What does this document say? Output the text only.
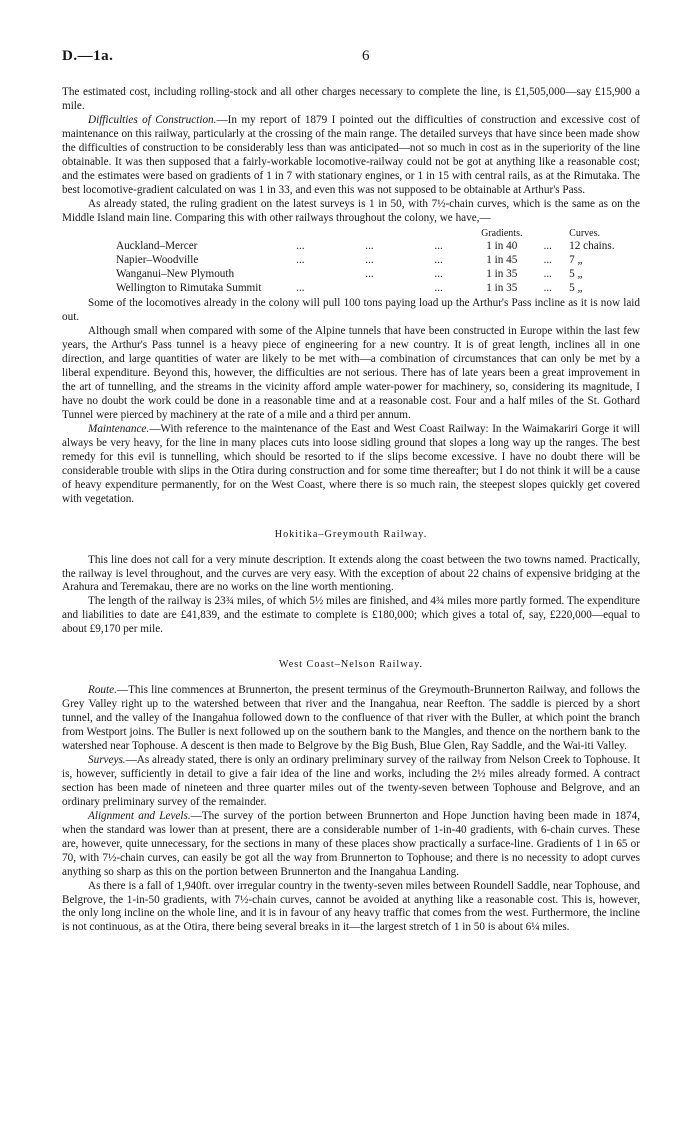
D.—1a.	6

The estimated cost, including rolling-stock and all other charges necessary to complete the line, is £1,505,000—say £15,900 a mile.

Difficulties of Construction.—In my report of 1879 I pointed out the difficulties of construction and excessive cost of maintenance on this railway, particularly at the crossing of the main range. The detailed surveys that have since been made show the difficulties of construction to be considerably less than was anticipated—not so much in cost as in the superiority of the line obtainable. It was then supposed that a fairly-workable locomotive-railway could not be got at anything like a reasonable cost; and the estimates were based on gradients of 1 in 7 with stationary engines, or 1 in 15 with central rails, as at the Rimutaka. The best locomotive-gradient calculated on was 1 in 33, and even this was not supposed to be obtainable at Arthur's Pass.

As already stated, the ruling gradient on the latest surveys is 1 in 50, with 7½-chain curves, which is the same as on the Middle Island main line. Comparing this with other railways throughout the colony, we have,—

				Gradients.		Curves.
Auckland–Mercer	...	...	...	1 in 40	...	12 chains.
Napier–Woodville	...	...	...	1 in 45	...	7 „
Wanganui–New Plymouth		...	...	1 in 35	...	5 „
Wellington to Rimutaka Summit	...		...	1 in 35	...	5 „

Some of the locomotives already in the colony will pull 100 tons paying load up the Arthur's Pass incline as it is now laid out.

Although small when compared with some of the Alpine tunnels that have been constructed in Europe within the last few years, the Arthur's Pass tunnel is a heavy piece of engineering for a new country. It is of great length, inclines all in one direction, and large quantities of water are likely to be met with—a combination of circumstances that can only be met by a liberal expenditure. Beyond this, however, the difficulties are not serious. There has of late years been a great improvement in the art of tunnelling, and the streams in the vicinity afford ample water-power for machinery, so, considering its magnitude, I have no doubt the work could be done in a reasonable time and at a reasonable cost. Four and a half miles of the St. Gothard Tunnel were pierced by machinery at the rate of a mile and a third per annum.

Maintenance.—With reference to the maintenance of the East and West Coast Railway: In the Waimakariri Gorge it will always be very heavy, for the line in many places cuts into loose sidling ground that slopes a long way up the ranges. The best remedy for this evil is tunnelling, which should be resorted to if the slips become excessive. I have no doubt there will be considerable trouble with slips in the Otira during construction and for some time thereafter; but I do not think it will be a cause of heavy expenditure permanently, for on the West Coast, where there is so much rain, the steepest slopes quickly get covered with vegetation.

Hokitika–Greymouth Railway.

This line does not call for a very minute description. It extends along the coast between the two towns named. Practically, the railway is level throughout, and the curves are very easy. With the exception of about 22 chains of expensive bridging at the Arahura and Teremakau, there are no works on the line worth mentioning.

The length of the railway is 23¾ miles, of which 5½ miles are finished, and 4¾ miles more partly formed. The expenditure and liabilities to date are £41,839, and the estimate to complete is £180,000; which gives a total of, say, £220,000—equal to about £9,170 per mile.

West Coast–Nelson Railway.

Route.—This line commences at Brunnerton, the present terminus of the Greymouth-Brunnerton Railway, and follows the Grey Valley right up to the watershed between that river and the Inangahua, near Reefton. The saddle is pierced by a short tunnel, and the valley of the Inangahua followed down to the confluence of that river with the Buller, at which point the branch from Westport joins. The Buller is next followed up on the southern bank to the Mangles, and thence on the northern bank to the watershed near Tophouse. A descent is then made to Belgrove by the Big Bush, Blue Glen, Ray Saddle, and the Wai-iti Valley.

Surveys.—As already stated, there is only an ordinary preliminary survey of the railway from Nelson Creek to Tophouse. It is, however, sufficiently in detail to give a fair idea of the line and works, including the 2½ miles already formed. A contract section has been made of nineteen and three quarter miles out of the twenty-seven between Tophouse and Belgrove, and an ordinary preliminary survey of the remainder.

Alignment and Levels.—The survey of the portion between Brunnerton and Hope Junction having been made in 1874, when the standard was lower than at present, there are a considerable number of 1-in-40 gradients, with 6-chain curves. These are, however, quite unnecessary, for the sections in many of these places show practically a surface-line. Gradients of 1 in 65 or 70, with 7½-chain curves, can easily be got all the way from Brunnerton to Tophouse; and there is no necessity to adopt curves anything so sharp as this on the portion between Brunnerton and the Inangahua Landing.

As there is a fall of 1,940ft. over irregular country in the twenty-seven miles between Roundell Saddle, near Tophouse, and Belgrove, the 1-in-50 gradients, with 7½-chain curves, cannot be avoided at anything like a reasonable cost. This is, however, the only long incline on the whole line, and it is in favour of any heavy traffic that comes from the west. Furthermore, the incline is not continuous, as at the Otira, there being several breaks in it—the largest stretch of 1 in 50 is about 6¼ miles.
